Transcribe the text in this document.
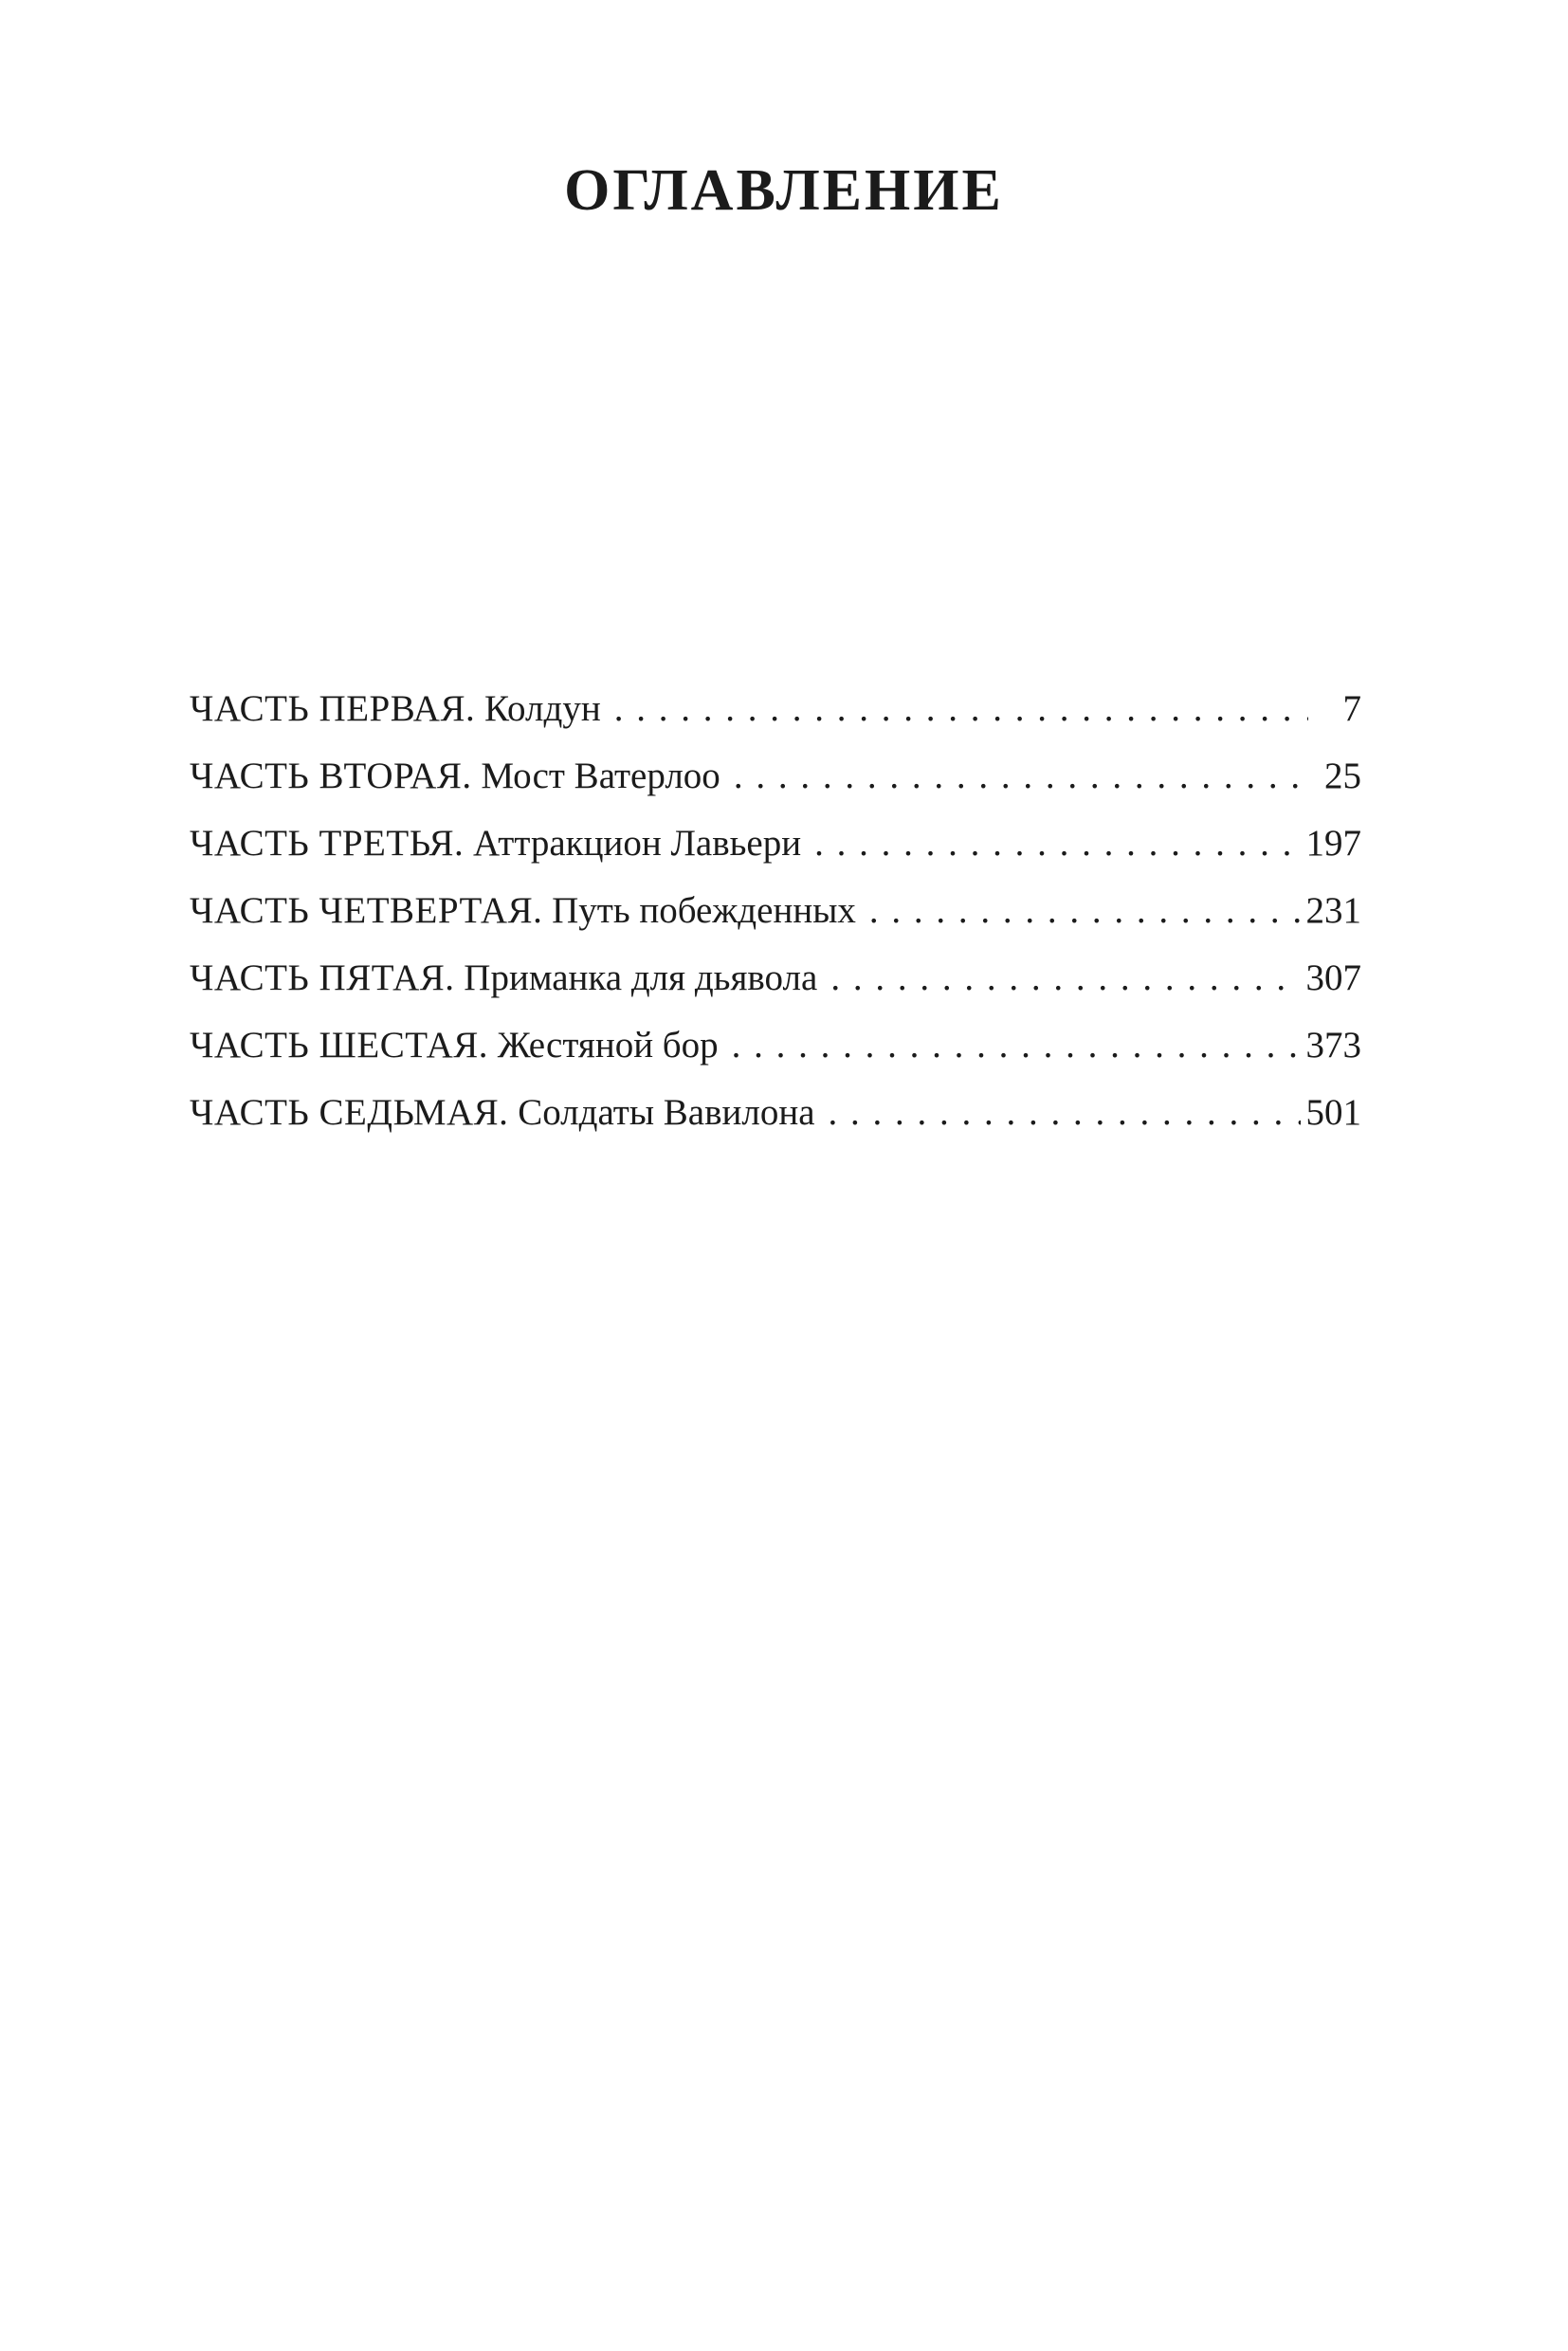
ОГЛАВЛЕНИЕ
ЧАСТЬ ПЕРВАЯ. Колдун . . .	7
ЧАСТЬ ВТОРАЯ. Мост Ватерлоо . . .	25
ЧАСТЬ ТРЕТЬЯ. Аттракцион Лавьери . . .	197
ЧАСТЬ ЧЕТВЕРТАЯ. Путь побежденных . . .	231
ЧАСТЬ ПЯТАЯ. Приманка для дьявола . . .	307
ЧАСТЬ ШЕСТАЯ. Жестяной бор . . .	373
ЧАСТЬ СЕДЬМАЯ. Солдаты Вавилона . . .	501
